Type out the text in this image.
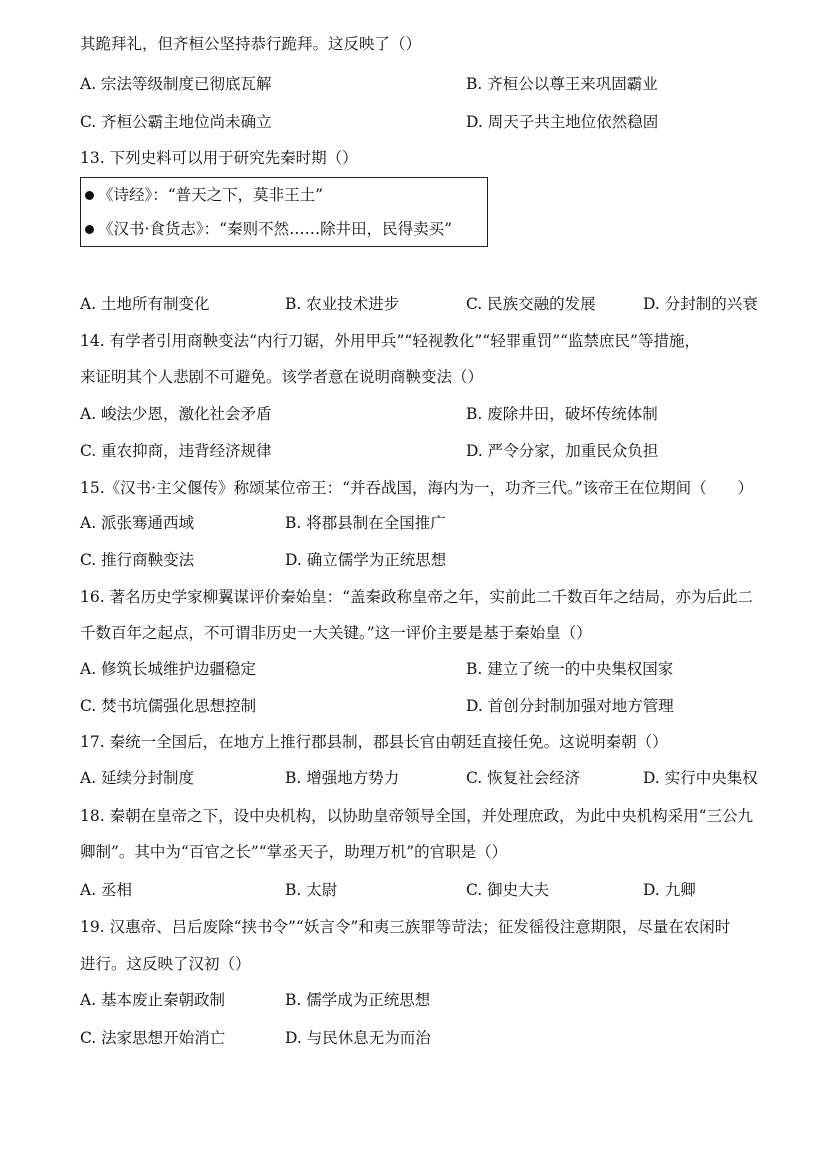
其跪拜礼，但齐桓公坚持恭行跪拜。这反映了（）
A. 宗法等级制度已彻底瓦解	B. 齐桓公以尊王来巩固霸业
C. 齐桓公霸主地位尚未确立	D. 周天子共主地位依然稳固
13. 下列史料可以用于研究先秦时期（）
《诗经》：“普天之下，莫非王土”
《汉书·食货志》：“秦则不然……除井田，民得卖买”
A. 土地所有制变化	B. 农业技术进步	C. 民族交融的发展	D. 分封制的兴衰
14. 有学者引用商鞅变法“内行刀锯，外用甲兵”“轻视教化”“轻罪重罚”“监禁庶民”等措施，
来证明其个人悲剧不可避免。该学者意在说明商鞅变法（）
A. 峻法少恩，激化社会矛盾	B. 废除井田，破坏传统体制
C. 重农抑商，违背经济规律	D. 严令分家，加重民众负担
15.《汉书·主父偃传》称颂某位帝王：“并吞战国，海内为一，功齐三代。”该帝王在位期间（　　）
A. 派张骞通西域	B. 将郡县制在全国推广
C. 推行商鞅变法	D. 确立儒学为正统思想
16. 著名历史学家柳翼谋评价秦始皇：“盖秦政称皇帝之年，实前此二千数百年之结局，亦为后此二
千数百年之起点，不可谓非历史一大关键。”这一评价主要是基于秦始皇（）
A. 修筑长城维护边疆稳定	B. 建立了统一的中央集权国家
C. 焚书坑儒强化思想控制	D. 首创分封制加强对地方管理
17. 秦统一全国后，在地方上推行郡县制，郡县长官由朝廷直接任免。这说明秦朝（）
A. 延续分封制度	B. 增强地方势力	C. 恢复社会经济	D. 实行中央集权
18. 秦朝在皇帝之下，设中央机构，以协助皇帝领导全国，并处理庶政，为此中央机构采用“三公九
卿制”。其中为“百官之长”“掌丞天子，助理万机”的官职是（）
A. 丞相	B. 太尉	C. 御史大夫	D. 九卿
19. 汉惠帝、吕后废除“挟书令”“妖言令”和夷三族罪等苛法；征发徭役注意期限，尽量在农闲时
进行。这反映了汉初（）
A. 基本废止秦朝政制	B. 儒学成为正统思想
C. 法家思想开始消亡	D. 与民休息无为而治
